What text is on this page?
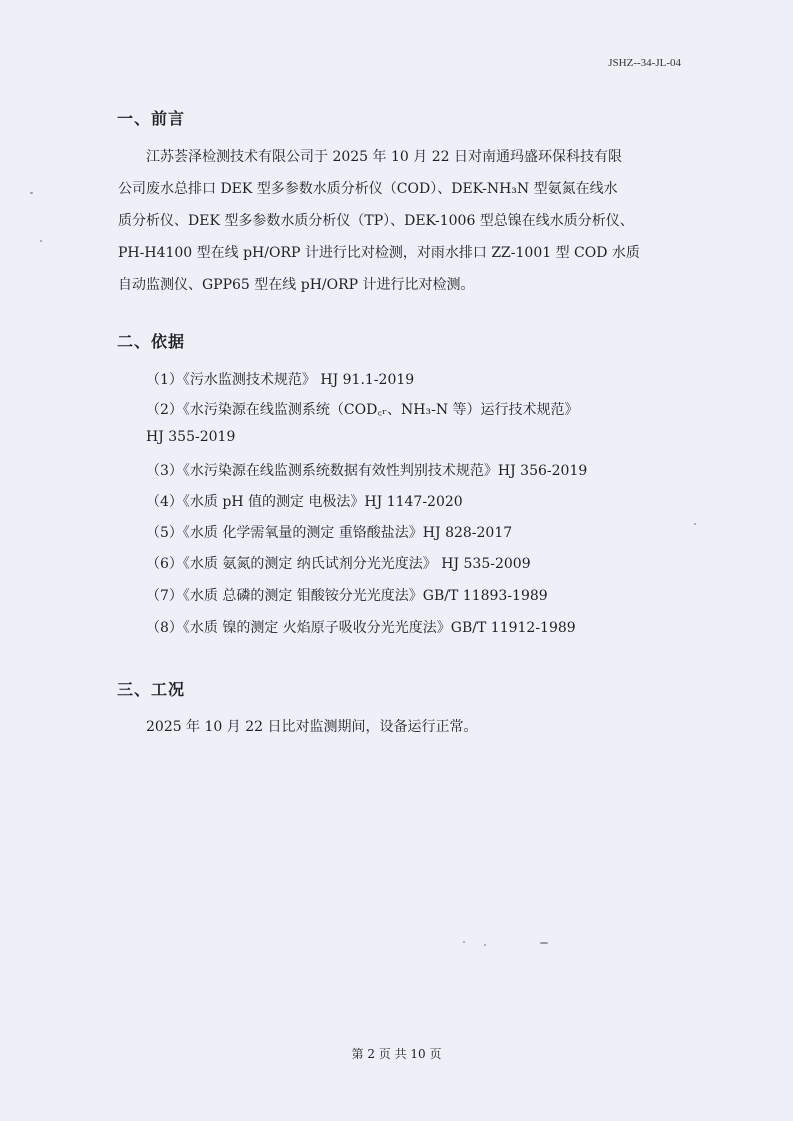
JSHZ--34-JL-04
一、前言
江苏荟泽检测技术有限公司于 2025 年 10 月 22 日对南通玛盛环保科技有限
公司废水总排口 DEK 型多参数水质分析仪（COD）、DEK-NH₃N 型氨氮在线水
质分析仪、DEK 型多参数水质分析仪（TP）、DEK-1006 型总镍在线水质分析仪、
PH-H4100 型在线 pH/ORP 计进行比对检测，对雨水排口 ZZ-1001 型 COD 水质
自动监测仪、GPP65 型在线 pH/ORP 计进行比对检测。
二、依据
（1）《污水监测技术规范》 HJ 91.1-2019
（2）《水污染源在线监测系统（COD꜀ᵣ、NH₃-N 等）运行技术规范》
HJ 355-2019
（3）《水污染源在线监测系统数据有效性判别技术规范》HJ 356-2019
（4）《水质 pH 值的测定 电极法》HJ 1147-2020
（5）《水质 化学需氧量的测定 重铬酸盐法》HJ 828-2017
（6）《水质 氨氮的测定 纳氏试剂分光光度法》 HJ 535-2009
（7）《水质 总磷的测定 钼酸铵分光光度法》GB/T 11893-1989
（8）《水质 镍的测定 火焰原子吸收分光光度法》GB/T 11912-1989
三、工况
2025 年 10 月 22 日比对监测期间，设备运行正常。
第 2 页 共 10 页
